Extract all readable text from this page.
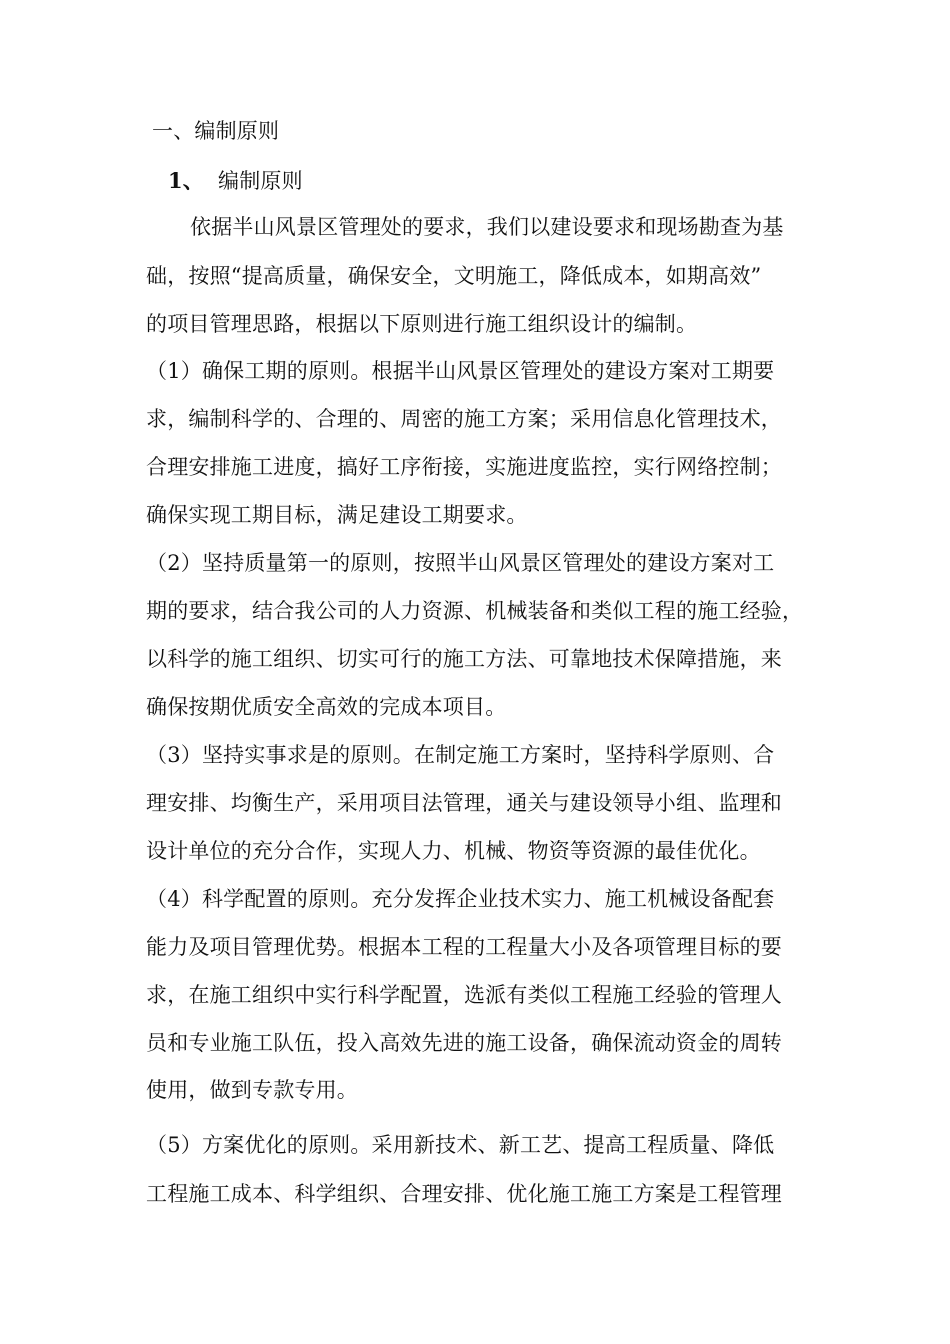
一、编制原则
1、 编制原则
依据半山风景区管理处的要求，我们以建设要求和现场勘查为基
础，按照“提高质量，确保安全，文明施工，降低成本，如期高效”
的项目管理思路，根据以下原则进行施工组织设计的编制。
（1）确保工期的原则。根据半山风景区管理处的建设方案对工期要
求，编制科学的、合理的、周密的施工方案；采用信息化管理技术，
合理安排施工进度，搞好工序衔接，实施进度监控，实行网络控制；
确保实现工期目标，满足建设工期要求。
（2）坚持质量第一的原则，按照半山风景区管理处的建设方案对工
期的要求，结合我公司的人力资源、机械装备和类似工程的施工经验，
以科学的施工组织、切实可行的施工方法、可靠地技术保障措施，来
确保按期优质安全高效的完成本项目。
（3）坚持实事求是的原则。在制定施工方案时，坚持科学原则、合
理安排、均衡生产，采用项目法管理，通关与建设领导小组、监理和
设计单位的充分合作，实现人力、机械、物资等资源的最佳优化。
（4）科学配置的原则。充分发挥企业技术实力、施工机械设备配套
能力及项目管理优势。根据本工程的工程量大小及各项管理目标的要
求，在施工组织中实行科学配置，选派有类似工程施工经验的管理人
员和专业施工队伍，投入高效先进的施工设备，确保流动资金的周转
使用，做到专款专用。
（5）方案优化的原则。采用新技术、新工艺、提高工程质量、降低
工程施工成本、科学组织、合理安排、优化施工施工方案是工程管理
